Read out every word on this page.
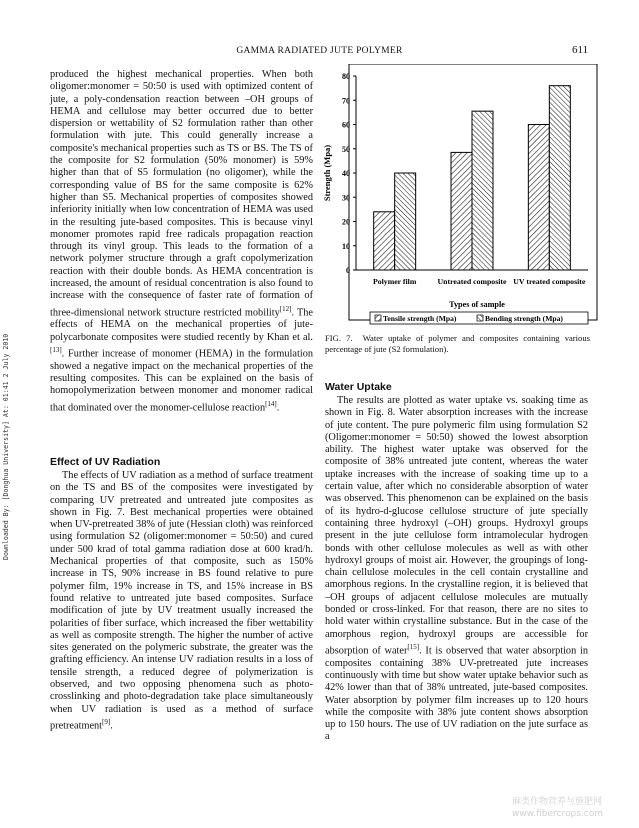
GAMMA RADIATED JUTE POLYMER	611
Downloaded By: [Donghua University] At: 01:41 2 July 2010

produced the highest mechanical properties. When both oligomer:monomer = 50:50 is used with optimized content of jute, a poly-condensation reaction between –OH groups of HEMA and cellulose may better occurred due to better dispersion or wettability of S2 formulation rather than other formulation with jute. This could generally increase a composite's mechanical properties such as TS or BS. The TS of the composite for S2 formulation (50% monomer) is 59% higher than that of S5 formulation (no oligomer), while the corresponding value of BS for the same composite is 62% higher than S5. Mechanical properties of composites showed inferiority initially when low concentration of HEMA was used in the resulting jute-based composites. This is because vinyl monomer promotes rapid free radicals propagation reaction through its vinyl group. This leads to the formation of a network polymer structure through a graft copolymerization reaction with their double bonds. As HEMA concentration is increased, the amount of residual concentration is also found to increase with the consequence of faster rate of formation of three-dimensional network structure restricted mobility[12]. The effects of HEMA on the mechanical properties of jute-polycarbonate composites were studied recently by Khan et al.[13]. Further increase of monomer (HEMA) in the formulation showed a negative impact on the mechanical properties of the resulting composites. This can be explained on the basis of homopolymerization between monomer and monomer radical that dominated over the monomer-cellulose reaction[14].

Effect of UV Radiation

The effects of UV radiation as a method of surface treatment on the TS and BS of the composites were investigated by comparing UV pretreated and untreated jute composites as shown in Fig. 7. Best mechanical properties were obtained when UV-pretreated 38% of jute (Hessian cloth) was reinforced using formulation S2 (oligomer:monomer = 50:50) and cured under 500 krad of total gamma radiation dose at 600 krad/h. Mechanical properties of that composite, such as 150% increase in TS, 90% increase in BS found relative to pure polymer film, 19% increase in TS, and 15% increase in BS found relative to untreated jute based composites. Surface modification of jute by UV treatment usually increased the polarities of fiber surface, which increased the fiber wettability as well as composite strength. The higher the number of active sites generated on the polymeric substrate, the greater was the grafting efficiency. An intense UV radiation results in a loss of tensile strength, a reduced degree of polymerization is observed, and two opposing phenomena such as photo-crosslinking and photo-degradation take place simultaneously when UV radiation is used as a method of surface pretreatment[9].

0
10
20
30
40
50
60
70
80
Strength (Mpa)
Polymer film	Untreated composite UV treated composite
Types of sample
Tensile strength (Mpa)	Bending strength (Mpa)
FIG. 7. Water uptake of polymer and composites containing various percentage of jute (S2 formulation).
Water Uptake

The results are plotted as water uptake vs. soaking time as shown in Fig. 8. Water absorption increases with the increase of jute content. The pure polymeric film using formulation S2 (Oligomer:monomer = 50:50) showed the lowest absorption ability. The highest water uptake was observed for the composite of 38% untreated jute content, whereas the water uptake increases with the increase of soaking time up to a certain value, after which no considerable absorption of water was observed. This phenomenon can be explained on the basis of its hydro-d-glucose cellulose structure of jute specially containing three hydroxyl (–OH) groups. Hydroxyl groups present in the jute cellulose form intramolecular hydrogen bonds with other cellulose molecules as well as with other hydroxyl groups of moist air. However, the groupings of long-chain cellulose molecules in the cell contain crystalline and amorphous regions. In the crystalline region, it is believed that –OH groups of adjacent cellulose molecules are mutually bonded or cross-linked. For that reason, there are no sites to hold water within crystalline substance. But in the case of the amorphous region, hydroxyl groups are accessible for absorption of water[15]. It is observed that water absorption in composites containing 38% UV-pretreated jute increases continuously with time but show water uptake behavior such as 42% lower than that of 38% untreated, jute-based composites. Water absorption by polymer film increases up to 120 hours while the composite with 38% jute content shows absorption up to 150 hours. The use of UV radiation on the jute surface as a

麻类作物营养与施肥网
www.fibercrops.com
